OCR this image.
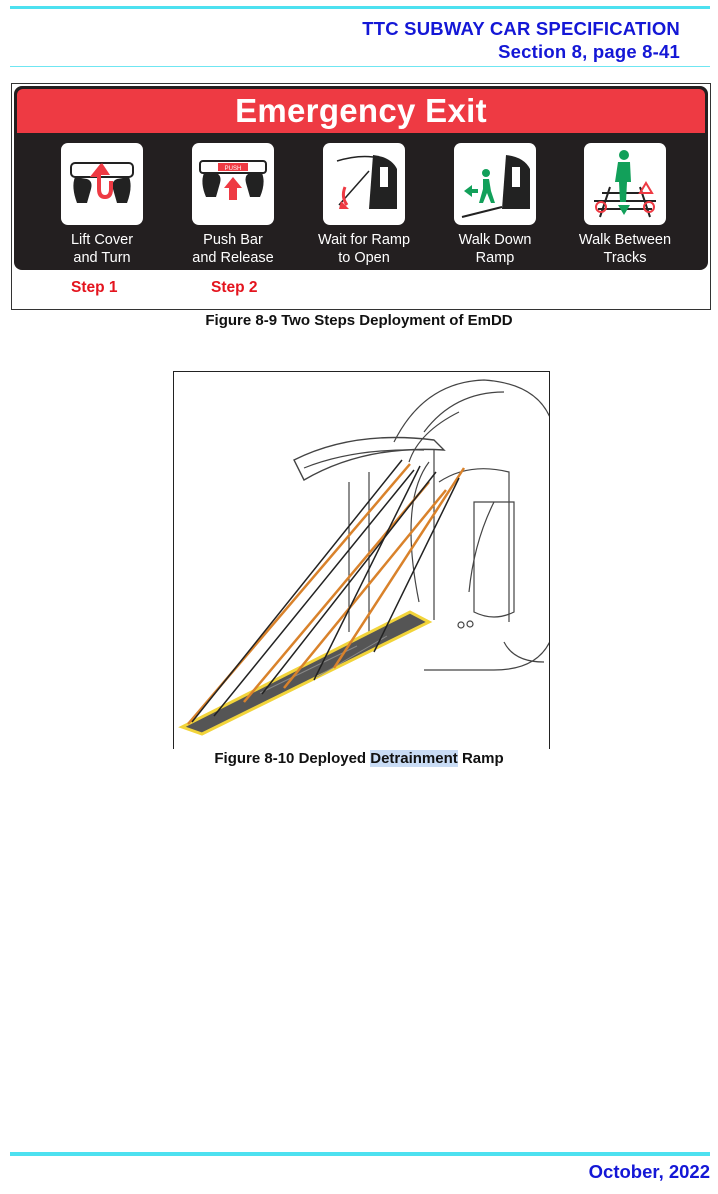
TTC SUBWAY CAR SPECIFICATION
Section 8, page 8-41
Emergency Exit
PUSH
Lift Cover
and Turn
Push Bar
and Release
Wait for Ramp
to Open
Walk Down
Ramp
Walk Between
Tracks
Step 1	Step 2
Figure 8-9 Two Steps Deployment of EmDD
Figure 8-10 Deployed Detrainment Ramp
October, 2022
